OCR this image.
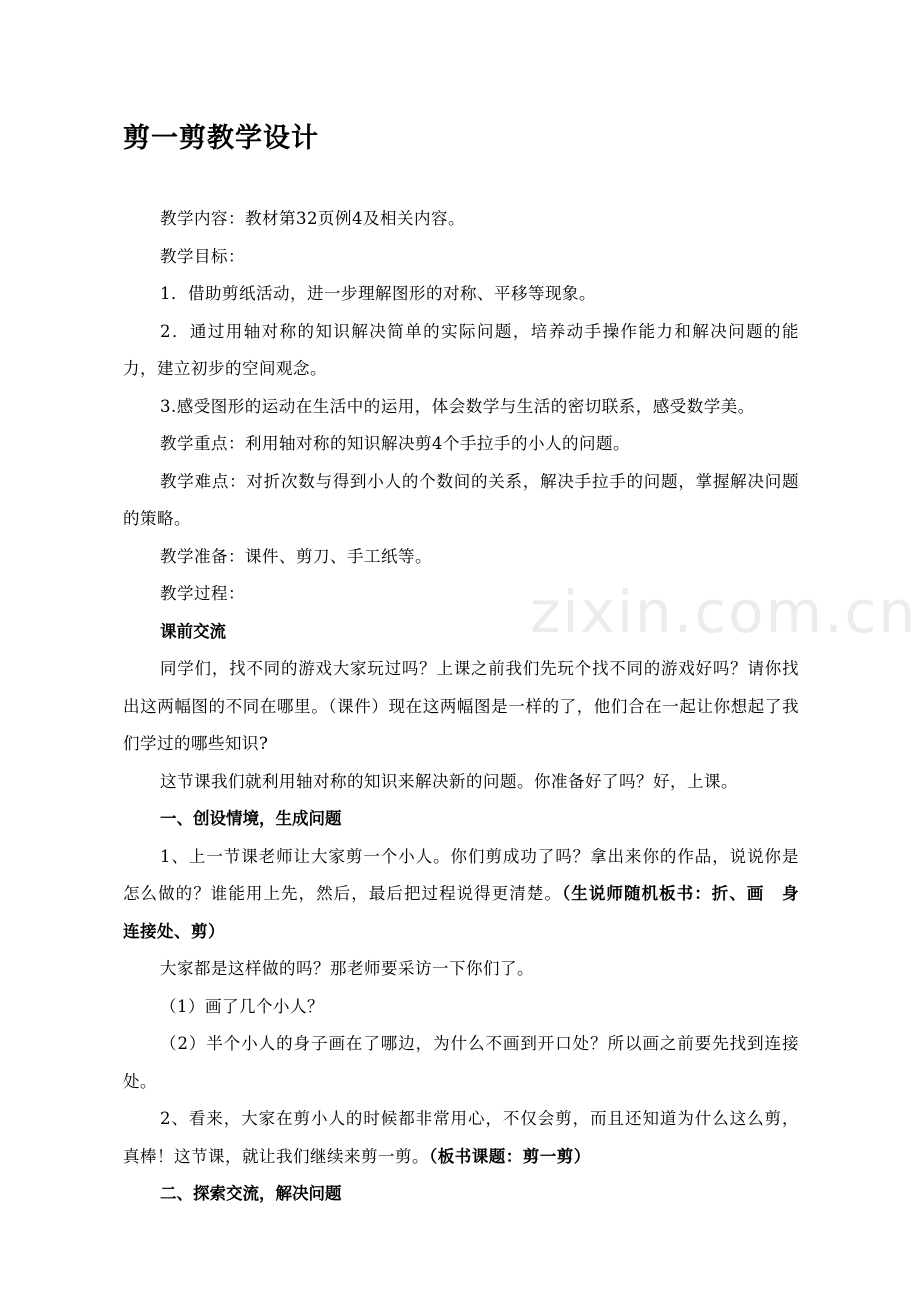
剪一剪教学设计
zixin.com.cn

教学内容：教材第32页例4及相关内容。

教学目标：

1．借助剪纸活动，进一步理解图形的对称、平移等现象。

2．通过用轴对称的知识解决简单的实际问题，培养动手操作能力和解决问题的能力，建立初步的空间观念。

3.感受图形的运动在生活中的运用，体会数学与生活的密切联系，感受数学美。

教学重点：利用轴对称的知识解决剪4个手拉手的小人的问题。

教学难点：对折次数与得到小人的个数间的关系，解决手拉手的问题，掌握解决问题的策略。

教学准备：课件、剪刀、手工纸等。

教学过程：

课前交流

同学们，找不同的游戏大家玩过吗？上课之前我们先玩个找不同的游戏好吗？请你找出这两幅图的不同在哪里。（课件）现在这两幅图是一样的了，他们合在一起让你想起了我们学过的哪些知识?

这节课我们就利用轴对称的知识来解决新的问题。你准备好了吗？好，上课。

一、创设情境，生成问题

1、上一节课老师让大家剪一个小人。你们剪成功了吗？拿出来你的作品，说说你是怎么做的？谁能用上先，然后，最后把过程说得更清楚。（生说师随机板书：折、画　身 连接处、剪）

大家都是这样做的吗？那老师要采访一下你们了。

（1）画了几个小人？

（2）半个小人的身子画在了哪边，为什么不画到开口处？所以画之前要先找到连接处。

2、看来，大家在剪小人的时候都非常用心，不仅会剪，而且还知道为什么这么剪，真棒！这节课，就让我们继续来剪一剪。（板书课题：剪一剪）

二、探索交流，解决问题
